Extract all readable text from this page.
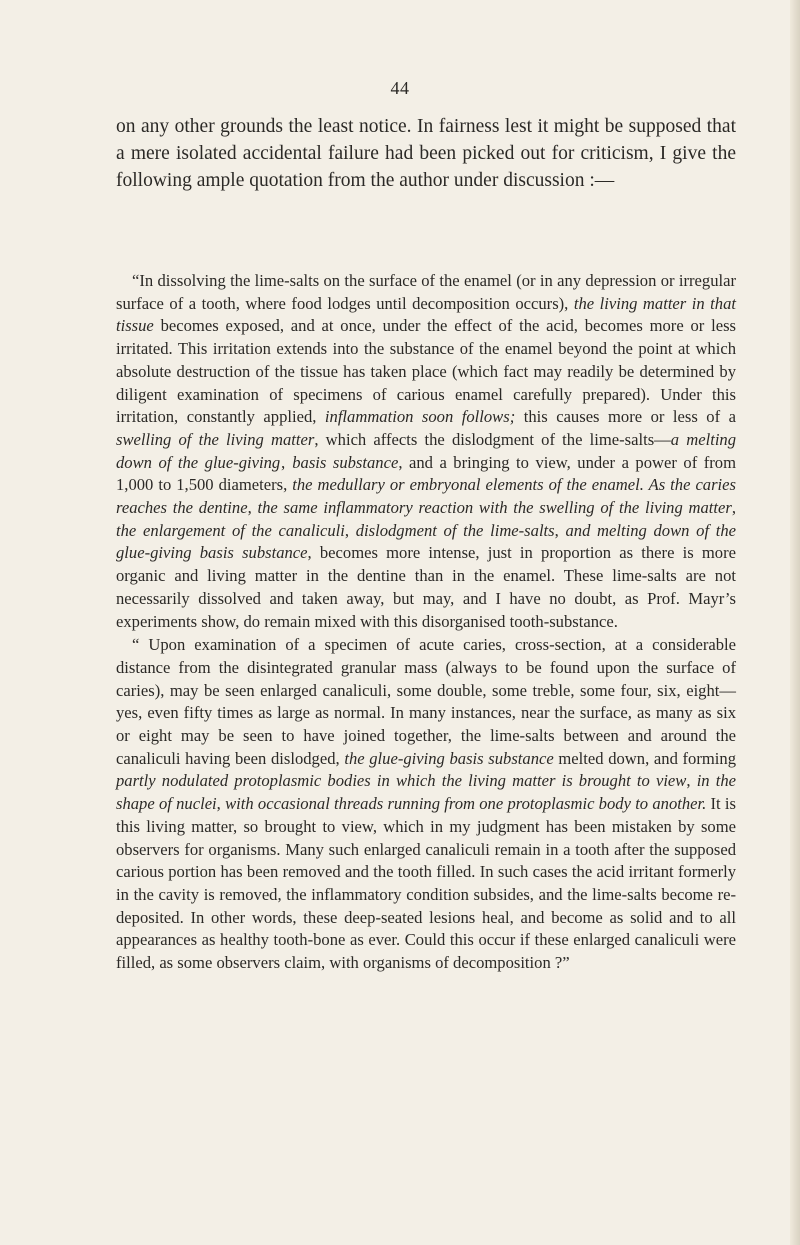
44

on any other grounds the least notice. In fairness lest it might be supposed that a mere isolated accidental failure had been picked out for criticism, I give the following ample quotation from the author under discussion :—

“In dissolving the lime-salts on the surface of the enamel (or in any depression or irregular surface of a tooth, where food lodges until decomposition occurs), the living matter in that tissue becomes exposed, and at once, under the effect of the acid, becomes more or less irritated. This irritation extends into the substance of the enamel beyond the point at which absolute destruction of the tissue has taken place (which fact may readily be determined by diligent examination of specimens of carious enamel carefully prepared). Under this irritation, constantly applied, inflammation soon follows; this causes more or less of a swelling of the living matter, which affects the dislodgment of the lime-salts—a melting down of the glue-giving‚ basis substance, and a bringing to view, under a power of from 1,000 to 1,500 diameters, the medullary or embryonal elements of the enamel. As the caries reaches the dentine, the same inflammatory reaction with the swelling of the living matter, the enlargement of the canaliculi, dislodgment of the lime-salts, and melting down of the glue-giving basis substance, becomes more intense, just in proportion as there is more organic and living matter in the dentine than in the enamel. These lime-salts are not necessarily dissolved and taken away, but may, and I have no doubt, as Prof. Mayr’s experiments show, do remain mixed with this disorganised tooth-substance.

“ Upon examination of a specimen of acute caries, cross-section, at a considerable distance from the disintegrated granular mass (always to be found upon the surface of caries), may be seen enlarged canaliculi, some double, some treble, some four, six, eight—yes, even fifty times as large as normal. In many instances, near the surface, as many as six or eight may be seen to have joined together, the lime-salts between and around the canaliculi having been dislodged, the glue-giving basis substance melted down, and forming partly nodulated protoplasmic bodies in which the living matter is brought to view, in the shape of nuclei, with occasional threads running from one protoplasmic body to another. It is this living matter, so brought to view, which in my judgment has been mistaken by some observers for organisms. Many such enlarged canaliculi remain in a tooth after the supposed carious portion has been removed and the tooth filled. In such cases the acid irritant formerly in the cavity is removed, the inflammatory condition subsides, and the lime-salts become re-deposited. In other words, these deep-seated lesions heal, and become as solid and to all appearances as healthy tooth-bone as ever. Could this occur if these enlarged canaliculi were filled, as some observers claim, with organisms of decomposition ?”
